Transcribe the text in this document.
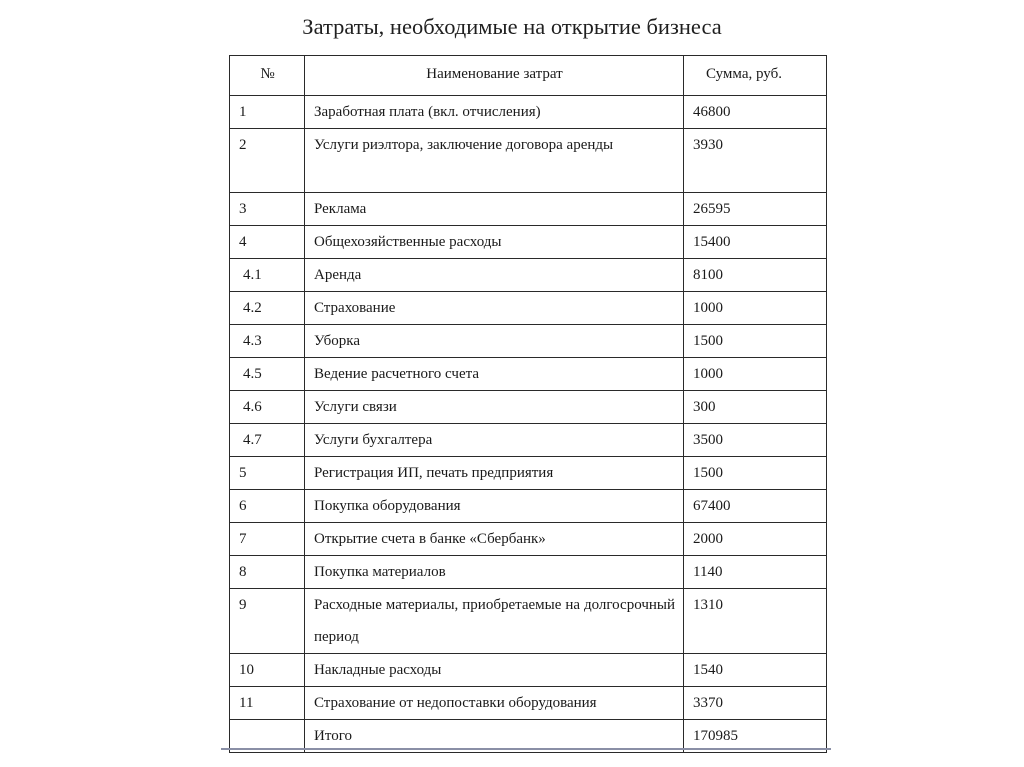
Затраты, необходимые на открытие бизнеса
№	Наименование затрат	Сумма, руб.
1	Заработная плата (вкл. отчисления)	46800
2	Услуги риэлтора, заключение договора аренды	3930
3	Реклама	26595
4	Общехозяйственные расходы	15400
4.1	Аренда	8100
4.2	Страхование	1000
4.3	Уборка	1500
4.5	Ведение расчетного счета	1000
4.6	Услуги связи	300
4.7	Услуги бухгалтера	3500
5	Регистрация ИП, печать предприятия	1500
6	Покупка оборудования	67400
7	Открытие счета в банке «Сбербанк»	2000
8	Покупка материалов	1140
9	Расходные материалы, приобретаемые на долгосрочный период	1310
10	Накладные расходы	1540
11	Страхование от недопоставки оборудования	3370
	Итого	170985
